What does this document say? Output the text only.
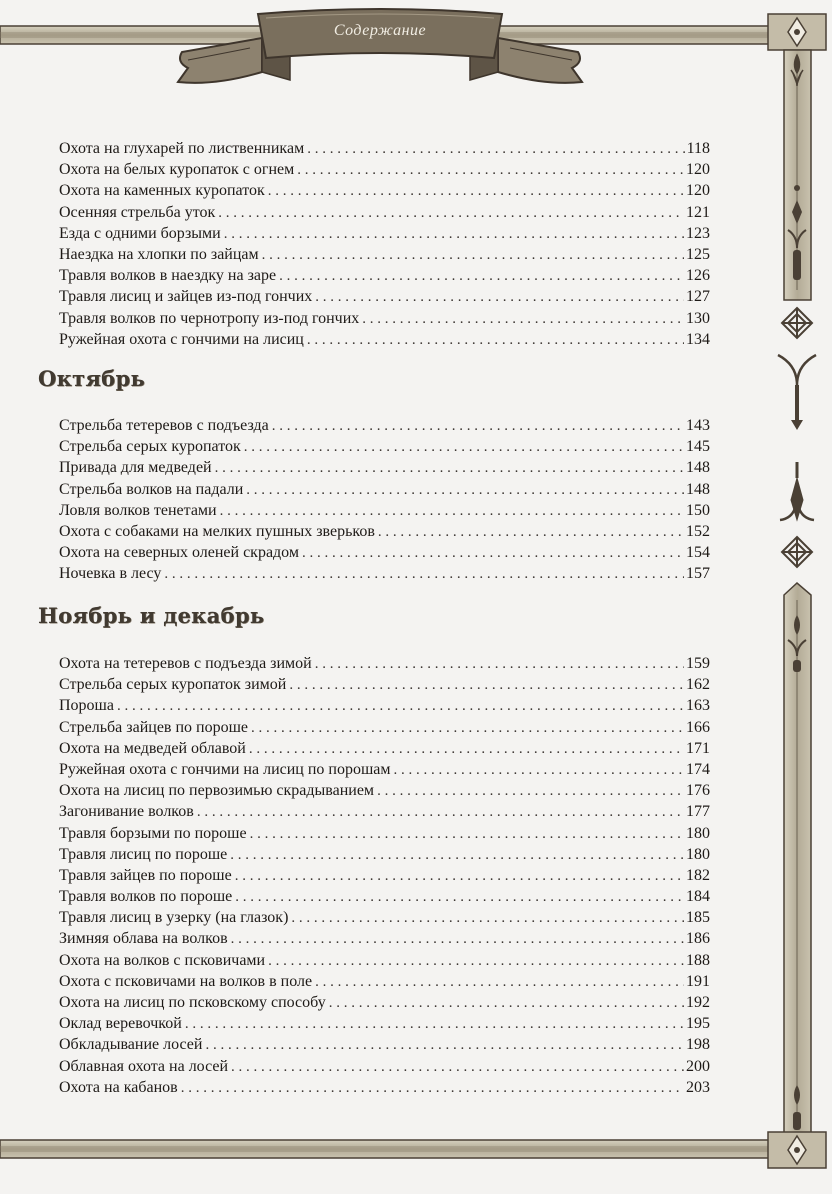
Содержание
Охота на глухарей по лиственникам . . .	118
Охота на белых куропаток с огнем . . .	120
Охота на каменных куропаток . . .	120
Осенняя стрельба уток . . .	121
Езда с одними борзыми . . .	123
Наездка на хлопки по зайцам . . .	125
Травля волков в наездку на заре . . .	126
Травля лисиц и зайцев из-под гончих . . .	127
Травля волков по чернотропу из-под гончих . . .	130
Ружейная охота с гончими на лисиц . . .	134
Октябрь
Стрельба тетеревов с подъезда . . .	143
Стрельба серых куропаток . . .	145
Привада для медведей . . .	148
Стрельба волков на падали . . .	148
Ловля волков тенетами . . .	150
Охота с собаками на мелких пушных зверьков . . .	152
Охота на северных оленей скрадом . . .	154
Ночевка в лесу . . .	157
Ноябрь и декабрь
Охота на тетеревов с подъезда зимой . . .	159
Стрельба серых куропаток зимой . . .	162
Пороша . . .	163
Стрельба зайцев по пороше . . .	166
Охота на медведей облавой . . .	171
Ружейная охота с гончими на лисиц по порошам . . .	174
Охота на лисиц по первозимью скрадыванием . . .	176
Загонивание волков . . .	177
Травля борзыми по пороше . . .	180
Травля лисиц по пороше . . .	180
Травля зайцев по пороше . . .	182
Травля волков по пороше . . .	184
Травля лисиц в узерку (на глазок) . . .	185
Зимняя облава на волков . . .	186
Охота на волков с псковичами . . .	188
Охота с псковичами на волков в поле . . .	191
Охота на лисиц по псковскому способу . . .	192
Оклад веревочкой . . .	195
Обкладывание лосей . . .	198
Облавная охота на лосей . . .	200
Охота на кабанов . . .	203
